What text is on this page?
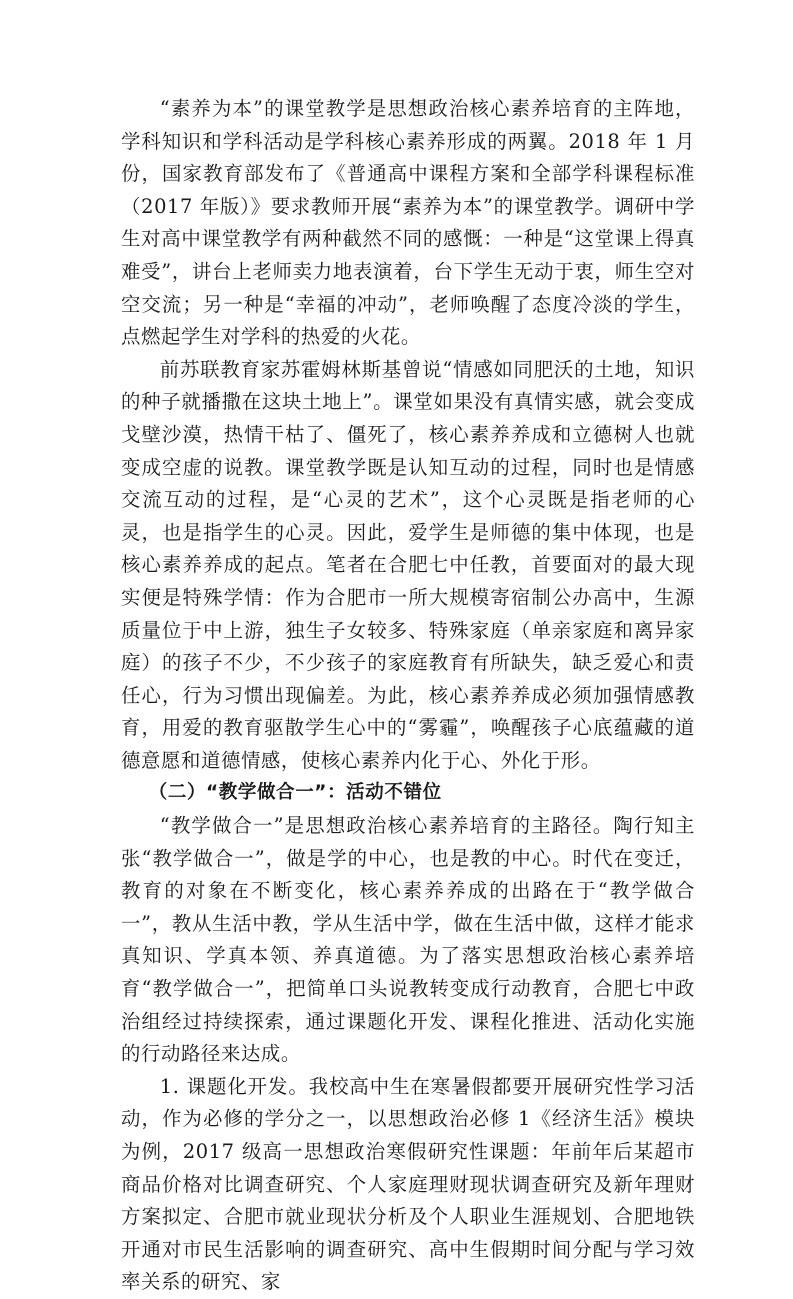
“素养为本”的课堂教学是思想政治核心素养培育的主阵地，学科知识和学科活动是学科核心素养形成的两翼。2018 年 1 月份，国家教育部发布了《普通高中课程方案和全部学科课程标准（2017 年版）》要求教师开展“素养为本”的课堂教学。调研中学生对高中课堂教学有两种截然不同的感慨：一种是“这堂课上得真难受”，讲台上老师卖力地表演着，台下学生无动于衷，师生空对空交流；另一种是“幸福的冲动”，老师唤醒了态度冷淡的学生，点燃起学生对学科的热爱的火花。

前苏联教育家苏霍姆林斯基曾说“情感如同肥沃的土地，知识的种子就播撒在这块土地上”。课堂如果没有真情实感，就会变成戈壁沙漠，热情干枯了、僵死了，核心素养养成和立德树人也就变成空虚的说教。课堂教学既是认知互动的过程，同时也是情感交流互动的过程，是“心灵的艺术”，这个心灵既是指老师的心灵，也是指学生的心灵。因此，爱学生是师德的集中体现，也是核心素养养成的起点。笔者在合肥七中任教，首要面对的最大现实便是特殊学情：作为合肥市一所大规模寄宿制公办高中，生源质量位于中上游，独生子女较多、特殊家庭（单亲家庭和离异家庭）的孩子不少，不少孩子的家庭教育有所缺失，缺乏爱心和责任心，行为习惯出现偏差。为此，核心素养养成必须加强情感教育，用爱的教育驱散学生心中的“雾霾”，唤醒孩子心底蕴藏的道德意愿和道德情感，使核心素养内化于心、外化于形。

（二）“教学做合一”：活动不错位

“教学做合一”是思想政治核心素养培育的主路径。陶行知主张“教学做合一”，做是学的中心，也是教的中心。时代在变迁，教育的对象在不断变化，核心素养养成的出路在于“教学做合一”，教从生活中教，学从生活中学，做在生活中做，这样才能求真知识、学真本领、养真道德。为了落实思想政治核心素养培育“教学做合一”，把简单口头说教转变成行动教育，合肥七中政治组经过持续探索，通过课题化开发、课程化推进、活动化实施的行动路径来达成。

1. 课题化开发。我校高中生在寒暑假都要开展研究性学习活动，作为必修的学分之一，以思想政治必修 1《经济生活》模块为例，2017 级高一思想政治寒假研究性课题：年前年后某超市商品价格对比调查研究、个人家庭理财现状调查研究及新年理财方案拟定、合肥市就业现状分析及个人职业生涯规划、合肥地铁开通对市民生活影响的调查研究、高中生假期时间分配与学习效率关系的研究、家
